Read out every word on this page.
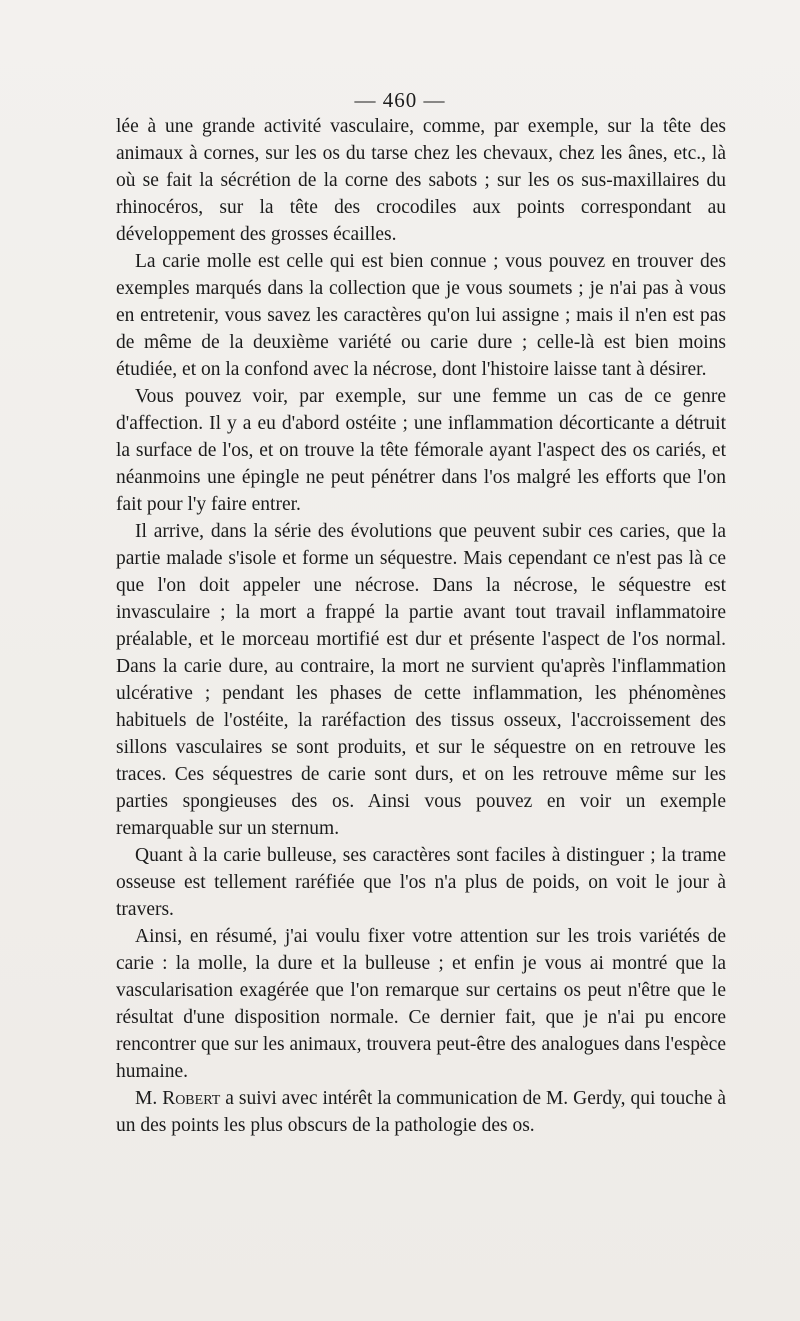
— 460 —

lée à une grande activité vasculaire, comme, par exemple, sur la tête des animaux à cornes, sur les os du tarse chez les chevaux, chez les ânes, etc., là où se fait la sécrétion de la corne des sabots ; sur les os sus-maxillaires du rhinocéros, sur la tête des crocodiles aux points correspondant au développement des grosses écailles.

La carie molle est celle qui est bien connue ; vous pouvez en trouver des exemples marqués dans la collection que je vous soumets ; je n'ai pas à vous en entretenir, vous savez les caractères qu'on lui assigne ; mais il n'en est pas de même de la deuxième variété ou carie dure ; celle-là est bien moins étudiée, et on la confond avec la nécrose, dont l'histoire laisse tant à désirer.

Vous pouvez voir, par exemple, sur une femme un cas de ce genre d'affection. Il y a eu d'abord ostéite ; une inflammation décorticante a détruit la surface de l'os, et on trouve la tête fémorale ayant l'aspect des os cariés, et néanmoins une épingle ne peut pénétrer dans l'os malgré les efforts que l'on fait pour l'y faire entrer.

Il arrive, dans la série des évolutions que peuvent subir ces caries, que la partie malade s'isole et forme un séquestre. Mais cependant ce n'est pas là ce que l'on doit appeler une nécrose. Dans la nécrose, le séquestre est invasculaire ; la mort a frappé la partie avant tout travail inflammatoire préalable, et le morceau mortifié est dur et présente l'aspect de l'os normal. Dans la carie dure, au contraire, la mort ne survient qu'après l'inflammation ulcérative ; pendant les phases de cette inflammation, les phénomènes habituels de l'ostéite, la raréfaction des tissus osseux, l'accroissement des sillons vasculaires se sont produits, et sur le séquestre on en retrouve les traces. Ces séquestres de carie sont durs, et on les retrouve même sur les parties spongieuses des os. Ainsi vous pouvez en voir un exemple remarquable sur un sternum.

Quant à la carie bulleuse, ses caractères sont faciles à distinguer ; la trame osseuse est tellement raréfiée que l'os n'a plus de poids, on voit le jour à travers.

Ainsi, en résumé, j'ai voulu fixer votre attention sur les trois variétés de carie : la molle, la dure et la bulleuse ; et enfin je vous ai montré que la vascularisation exagérée que l'on remarque sur certains os peut n'être que le résultat d'une disposition normale. Ce dernier fait, que je n'ai pu encore rencontrer que sur les animaux, trouvera peut-être des analogues dans l'espèce humaine.

M. Robert a suivi avec intérêt la communication de M. Gerdy, qui touche à un des points les plus obscurs de la pathologie des os.
